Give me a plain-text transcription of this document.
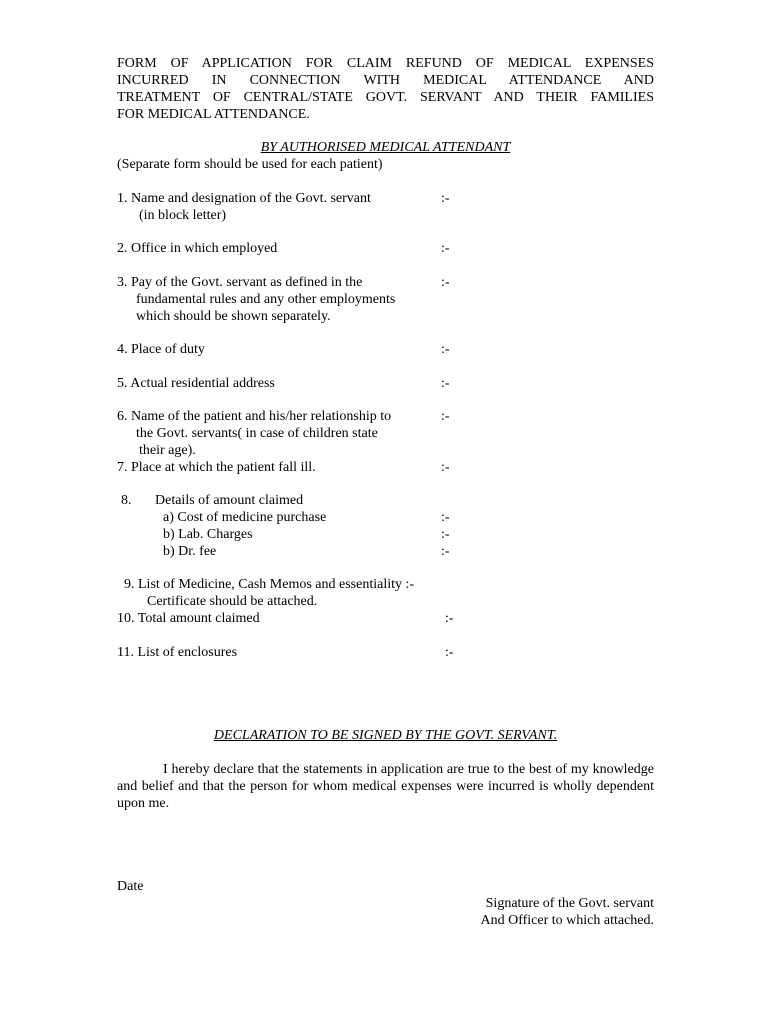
FORM OF APPLICATION FOR CLAIM REFUND OF MEDICAL EXPENSES
INCURRED IN CONNECTION WITH MEDICAL ATTENDANCE AND
TREATMENT OF CENTRAL/STATE GOVT. SERVANT AND THEIR FAMILIES
FOR MEDICAL ATTENDANCE.
BY AUTHORISED MEDICAL ATTENDANT
(Separate form should be used for each patient)
1. Name and designation of the Govt. servant
(in block letter)
:-
2. Office in which employed	:-
3. Pay of the Govt. servant as defined in the
fundamental rules and any other employments
which should be shown separately.
:-
4. Place of duty	:-
5. Actual residential address	:-
6. Name of the patient and his/her relationship to
the Govt. servants( in case of children state
their age).
:-
7. Place at which the patient fall ill.	:-
8. Details of amount claimed
a) Cost of medicine purchase	:-
b) Lab. Charges	:-
b) Dr. fee	:-
9. List of Medicine, Cash Memos and essentiality :-
Certificate should be attached.
10. Total amount claimed	:-
11. List of enclosures	:-
DECLARATION TO BE SIGNED BY THE GOVT. SERVANT.
I hereby declare that the statements in application are true to the best of my knowledge and belief and that the person for whom medical expenses were incurred is wholly dependent upon me.
Date
Signature of the Govt. servant
And Officer to which attached.
